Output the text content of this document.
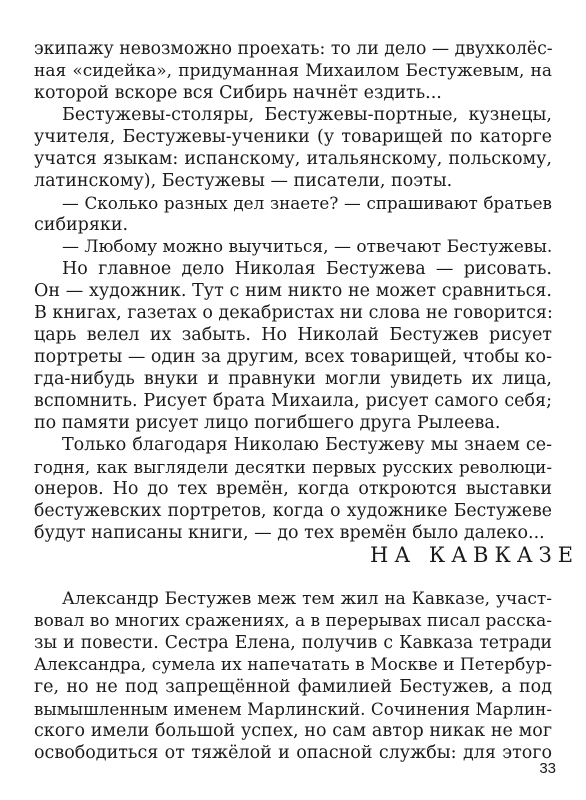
экипажу невозможно проехать: то ли дело — двухколёс-
ная «сидейка», придуманная Михаилом Бестужевым, на
которой вскоре вся Сибирь начнёт ездить...
Бестужевы-столяры, Бестужевы-портные, кузнецы,
учителя, Бестужевы-ученики (у товарищей по каторге
учатся языкам: испанскому, итальянскому, польскому,
латинскому), Бестужевы — писатели, поэты.
— Сколько разных дел знаете? — спрашивают братьев
сибиряки.
— Любому можно выучиться, — отвечают Бестужевы.
Но главное дело Николая Бестужева — рисовать.
Он — художник. Тут с ним никто не может сравниться.
В книгах, газетах о декабристах ни слова не говорится:
царь велел их забыть. Но Николай Бестужев рисует
портреты — один за другим, всех товарищей, чтобы ко-
гда-нибудь внуки и правнуки могли увидеть их лица,
вспомнить. Рисует брата Михаила, рисует самого себя;
по памяти рисует лицо погибшего друга Рылеева.
Только благодаря Николаю Бестужеву мы знаем се-
годня, как выглядели десятки первых русских революци-
онеров. Но до тех времён, когда откроются выставки
бестужевских портретов, когда о художнике Бестужеве
будут написаны книги, — до тех времён было далеко...
НА КАВКАЗЕ
Александр Бестужев меж тем жил на Кавказе, участ-
вовал во многих сражениях, а в перерывах писал расска-
зы и повести. Сестра Елена, получив с Кавказа тетради
Александра, сумела их напечатать в Москве и Петербур-
ге, но не под запрещённой фамилией Бестужев, а под
вымышленным именем Марлинский. Сочинения Марлин-
ского имели большой успех, но сам автор никак не мог
освободиться от тяжёлой и опасной службы: для этого
33
